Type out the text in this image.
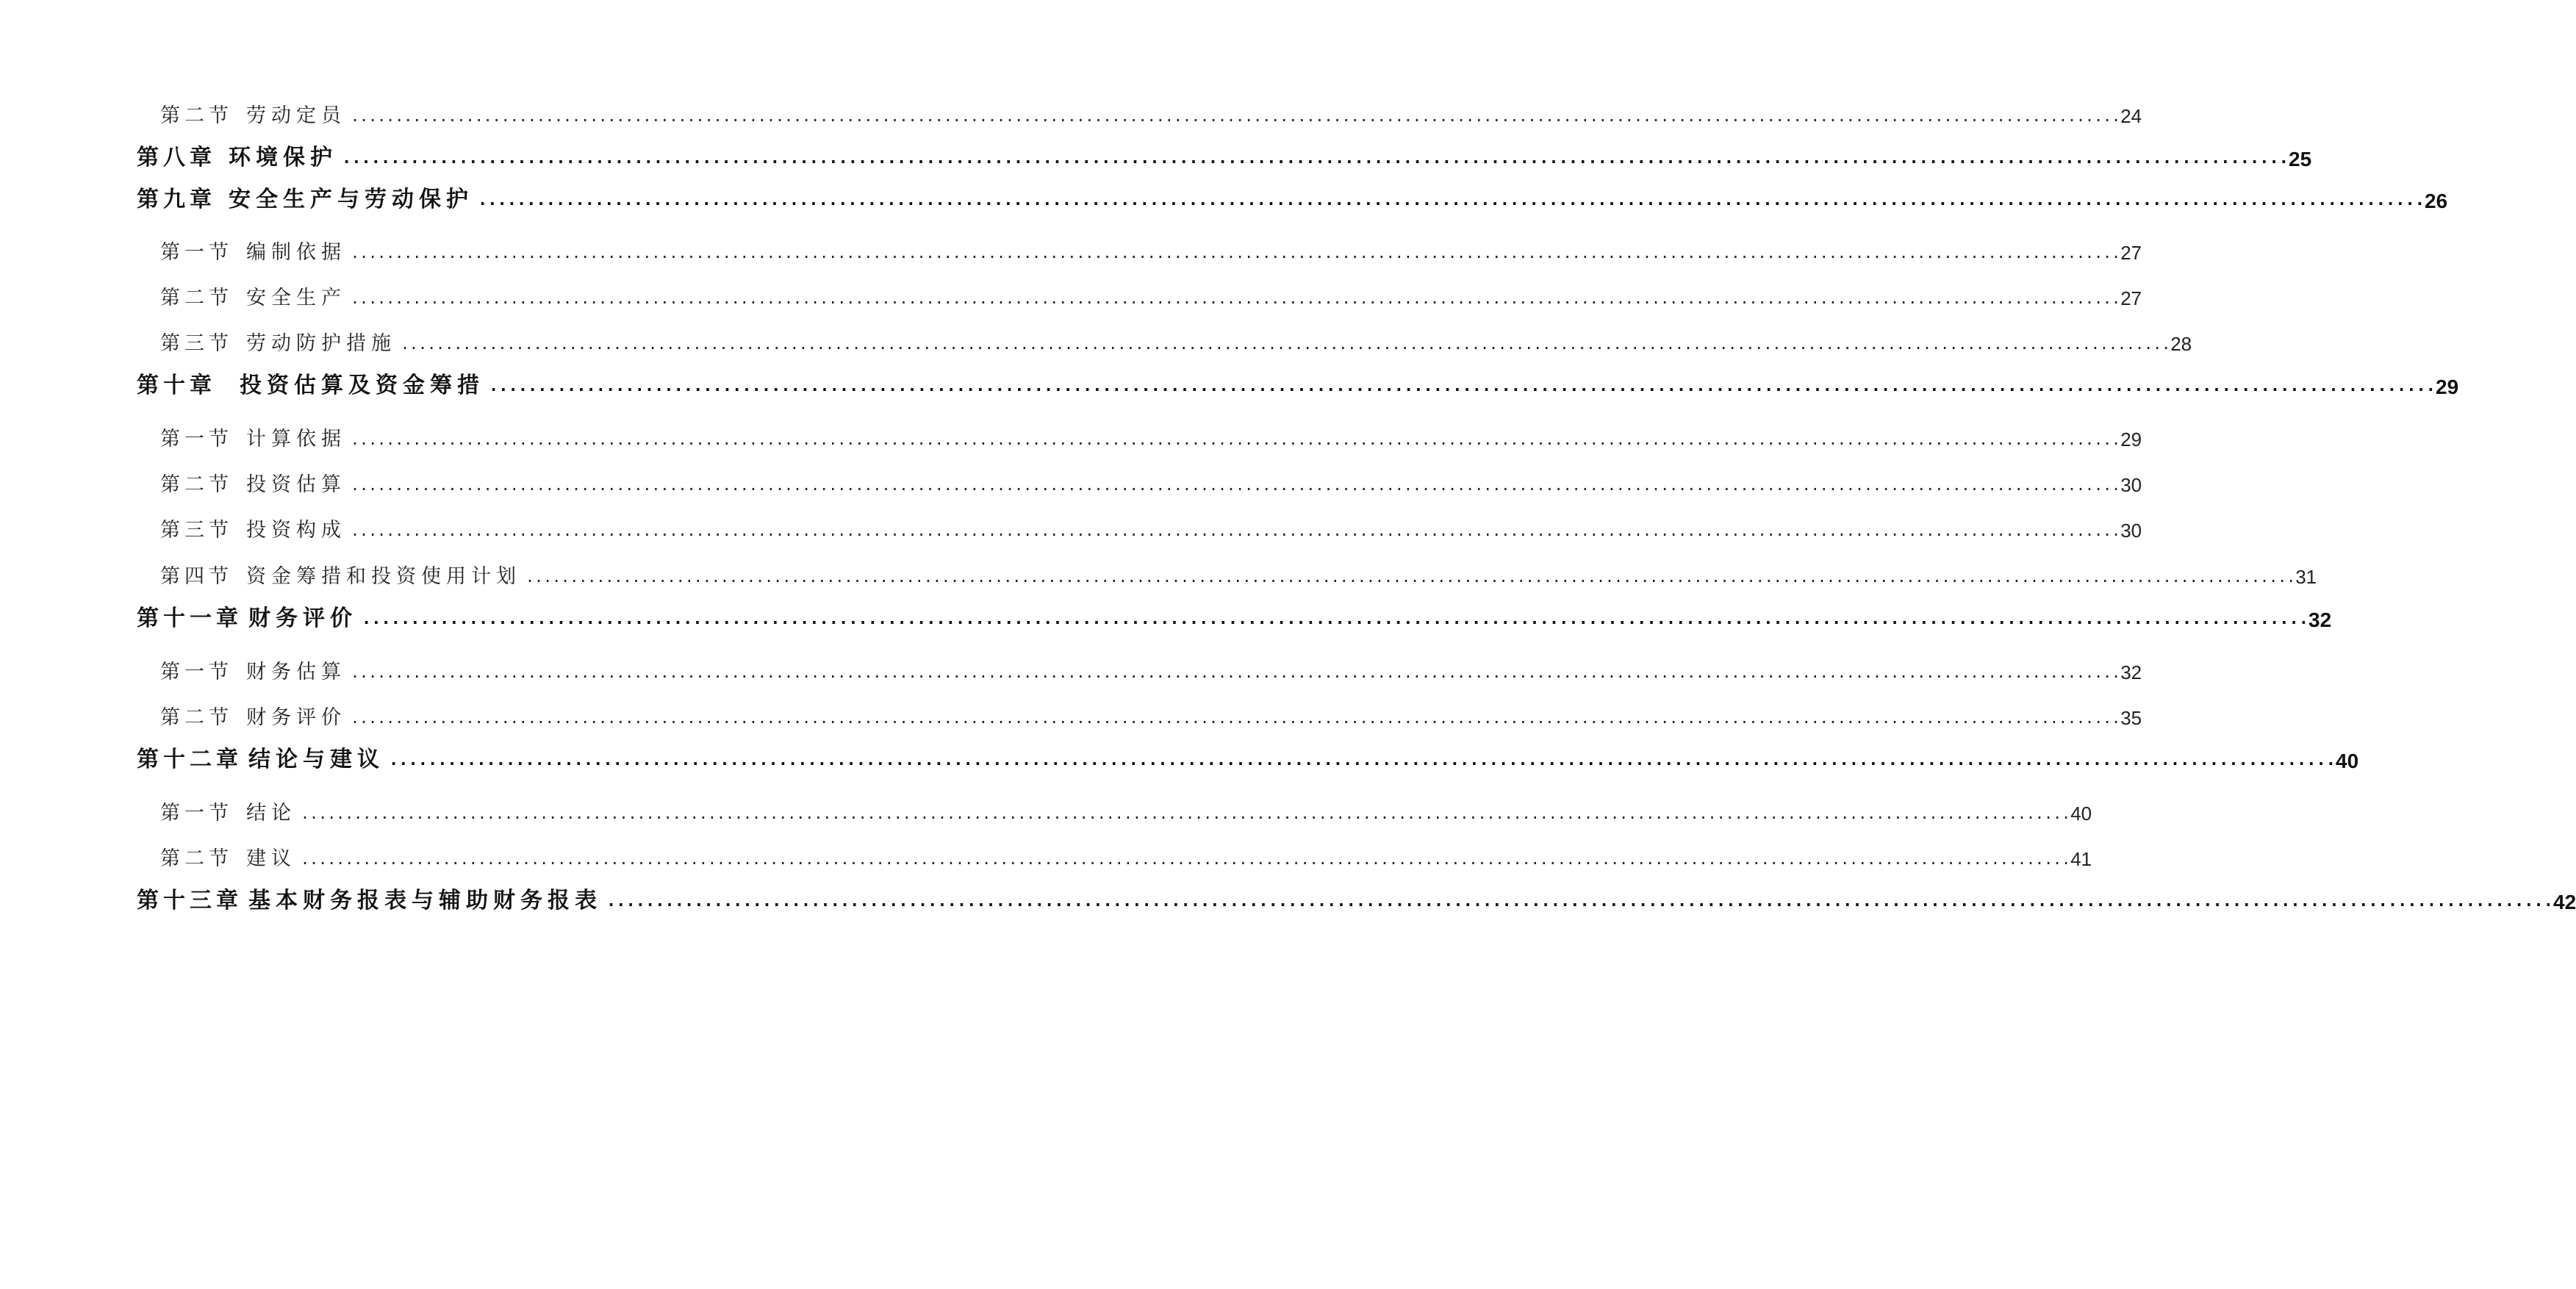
第二节 劳动定员 ........................................................................................................................................................................................................ 24
第八章 环境保护 ........................................................................................................................................................................................................ 25
第九章 安全生产与劳动保护 ........................................................................................................................................................................................................ 26
第一节 编制依据 ........................................................................................................................................................................................................ 27
第二节 安全生产 ........................................................................................................................................................................................................ 27
第三节 劳动防护措施 ........................................................................................................................................................................................................ 28
第十章	投资估算及资金筹措 ........................................................................................................................................................................................................ 29
第一节 计算依据 ........................................................................................................................................................................................................ 29
第二节 投资估算 ........................................................................................................................................................................................................ 30
第三节 投资构成 ........................................................................................................................................................................................................ 30
第四节 资金筹措和投资使用计划 ........................................................................................................................................................................................................ 31
第十一章 财务评价 ........................................................................................................................................................................................................ 32
第一节 财务估算 ........................................................................................................................................................................................................ 32
第二节 财务评价 ........................................................................................................................................................................................................ 35
第十二章 结论与建议 ........................................................................................................................................................................................................ 40
第一节 结论 ........................................................................................................................................................................................................ 40
第二节 建议 ........................................................................................................................................................................................................ 41
第十三章 基本财务报表与辅助财务报表 ........................................................................................................................................................................................................ 42
